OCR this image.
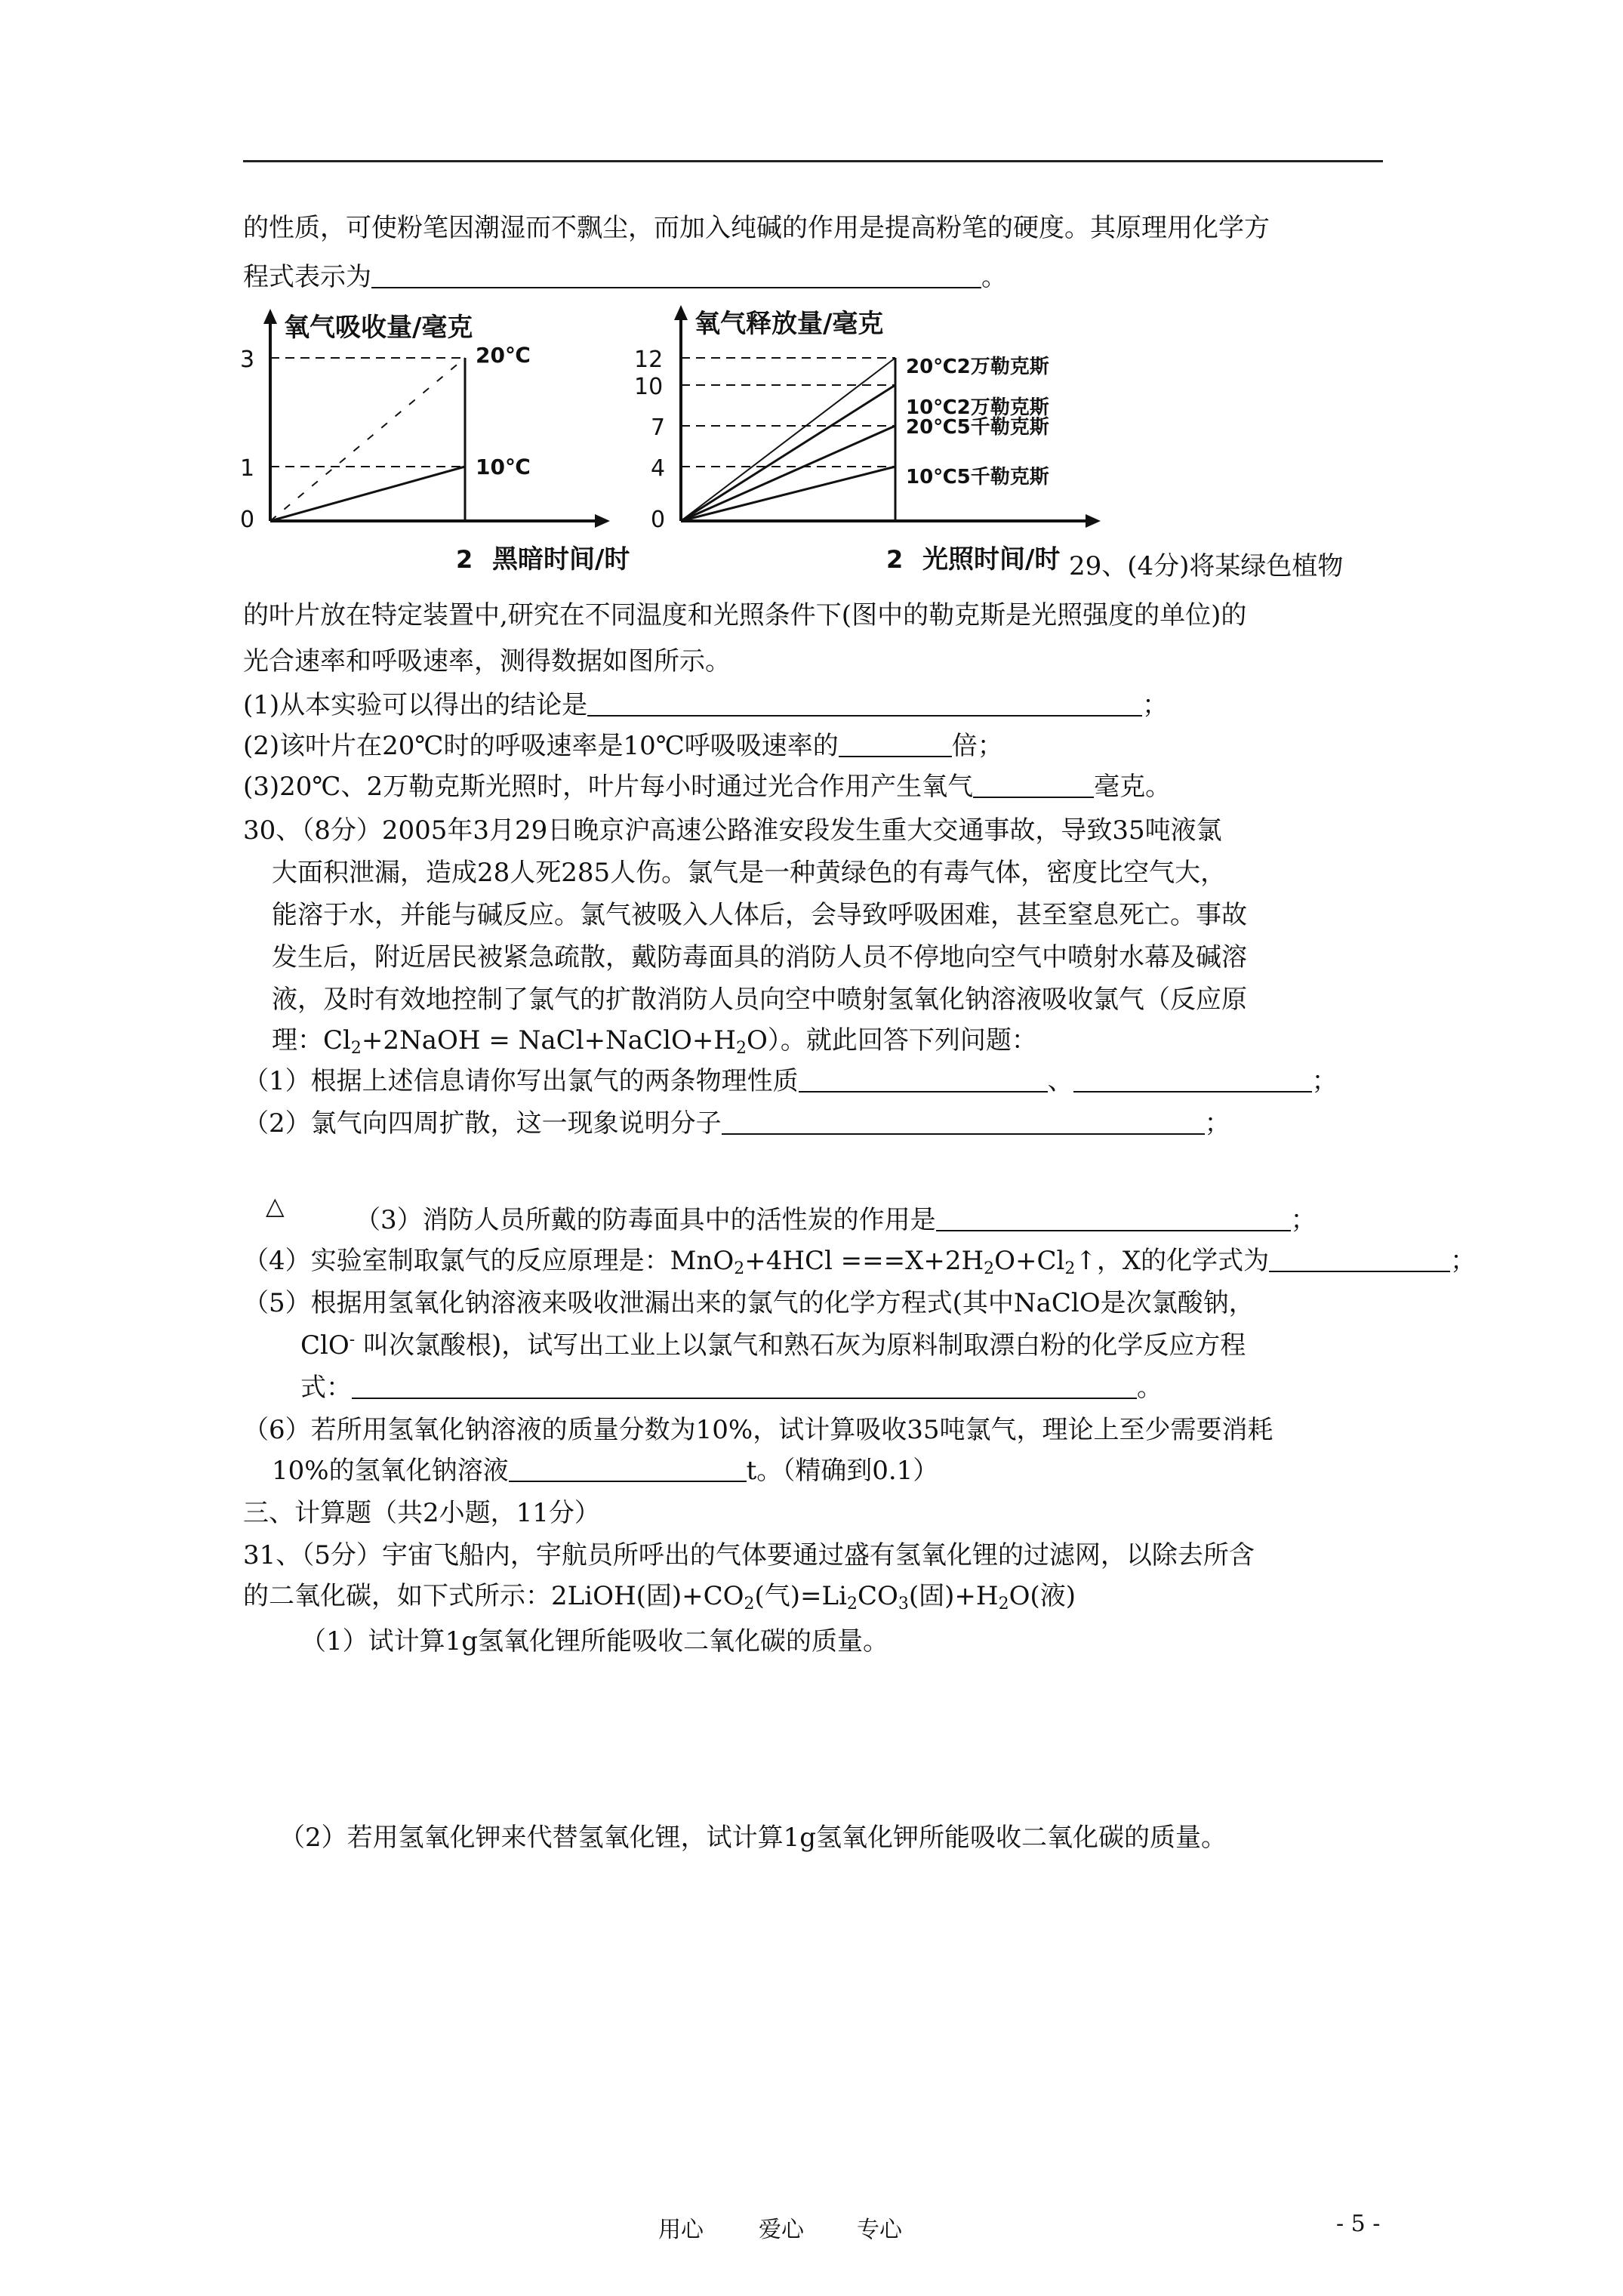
的性质，可使粉笔因潮湿而不飘尘，而加入纯碱的作用是提高粉笔的硬度。其原理用化学方
程式表示为	。
氧气吸收量/毫克
黑暗时间/时
2
0
20℃
10℃
1
3
氧气释放量/毫克
光照时间/时
2
0
20℃2万勒克斯
10℃2万勒克斯
20℃5千勒克斯
10℃5千勒克斯
4
7
10
12
29、(4分)将某绿色植物
的叶片放在特定装置中,研究在不同温度和光照条件下(图中的勒克斯是光照强度的单位)的
光合速率和呼吸速率，测得数据如图所示。
(1)从本实验可以得出的结论是	；
(2)该叶片在20℃时的呼吸速率是10℃呼吸吸速率的	倍；
(3)20℃、2万勒克斯光照时，叶片每小时通过光合作用产生氧气	毫克。
30、（8分）2005年3月29日晚京沪高速公路淮安段发生重大交通事故，导致35吨液氯
大面积泄漏，造成28人死285人伤。氯气是一种黄绿色的有毒气体，密度比空气大，
能溶于水，并能与碱反应。氯气被吸入人体后，会导致呼吸困难，甚至窒息死亡。事故
发生后，附近居民被紧急疏散，戴防毒面具的消防人员不停地向空气中喷射水幕及碱溶
液，及时有效地控制了氯气的扩散消防人员向空中喷射氢氧化钠溶液吸收氯气（反应原
理：$Cl_2+2NaOH$ = $NaCl+NaClO+H_2O$）。就此回答下列问题：
（1）根据上述信息请你写出氯气的两条物理性质	、	；
（2）氯气向四周扩散，这一现象说明分子	；
△	（3）消防人员所戴的防毒面具中的活性炭的作用是	；
（4）实验室制取氯气的反应原理是：$MnO_2+4HCl ===X+2H_2O+Cl_2↑$，X的化学式为	；
（5）根据用氢氧化钠溶液来吸收泄漏出来的氯气的化学方程式(其中NaClO是次氯酸钠，
ClO- 叫次氯酸根)，试写出工业上以氯气和熟石灰为原料制取漂白粉的化学反应方程
式：	。
（6）若所用氢氧化钠溶液的质量分数为10%，试计算吸收35吨氯气，理论上至少需要消耗
10%的氢氧化钠溶液	t。（精确到0.1）
三、计算题（共2小题，11分）
31、（5分）宇宙飞船内，宇航员所呼出的气体要通过盛有氢氧化锂的过滤网，以除去所含
的二氧化碳，如下式所示：2LiOH(固)$+CO_2$(气)$=Li_2CO_3$(固)$+H_2O$(液)
（1）试计算1g氢氧化锂所能吸收二氧化碳的质量。
（2）若用氢氧化钾来代替氢氧化锂，试计算1g氢氧化钾所能吸收二氧化碳的质量。
用心 爱心 专心	- 5 -
